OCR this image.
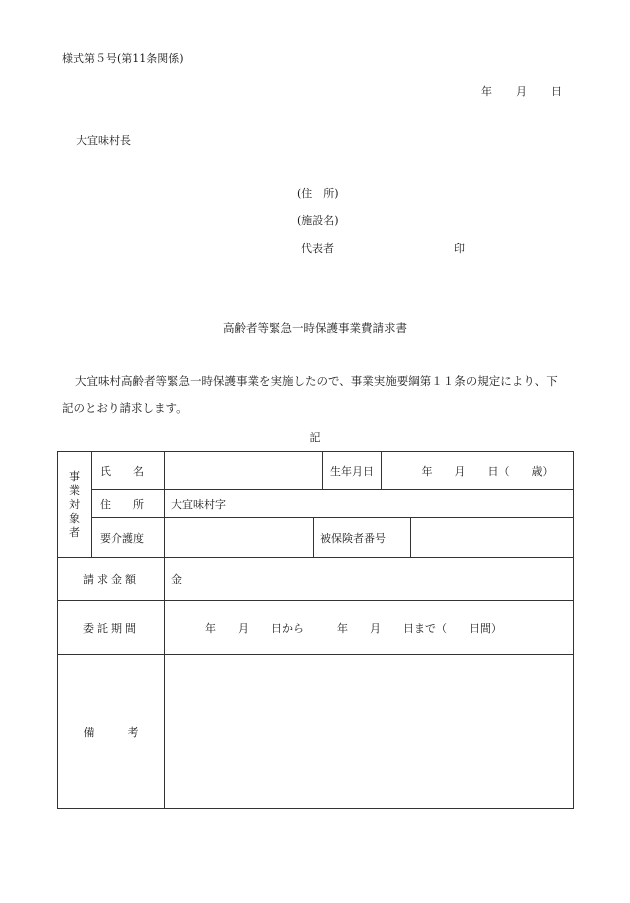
様式第５号(第11条関係)
年 月 日
大宜味村長
(住　所)
(施設名)
代表者	印
高齢者等緊急一時保護事業費請求書
大宜味村高齢者等緊急一時保護事業を実施したので、事業実施要綱第１１条の規定により、下
記のとおり請求します。
記
事
業
対
象
者	氏　　名			生年月日	年　　月　　日（　　歳）	
	住　　所	大宜味村字				
	要介護度		被保険者番号			
請求金額		金				
委託期間		年　　月　　日から　　　年　　月　　日まで（　　日間）				
備　　　考						
